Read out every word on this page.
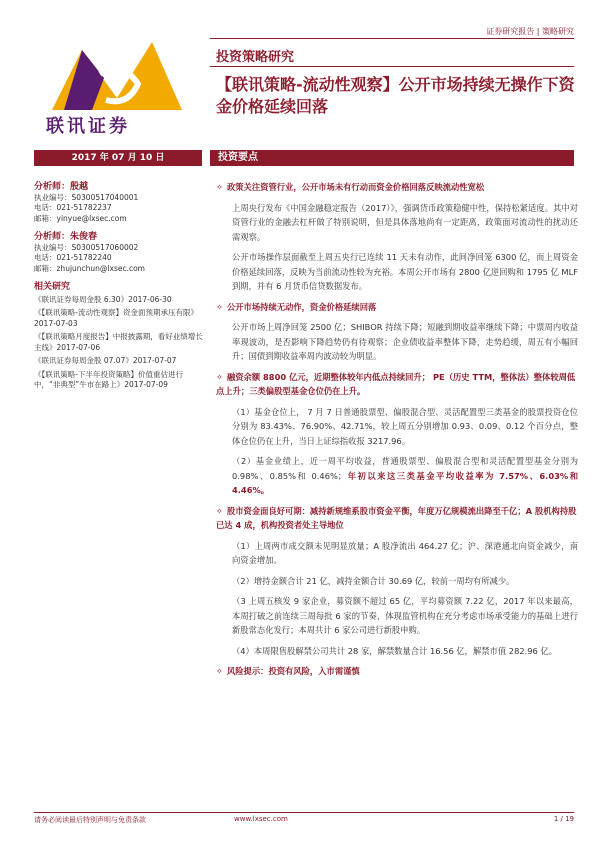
证券研究报告 | 策略研究
联讯证券
投资策略研究
【联讯策略-流动性观察】公开市场持续无操作下资金价格延续回落
2017 年 07 月 10 日	投资要点
分析师：殷越
执业编号：S0300517040001
电话：021-51782237
邮箱：yinyue@lxsec.com
分析师：朱俊春
执业编号：S0300517060002
电话：021-51782240
邮箱：zhujunchun@lxsec.com
相关研究
《联讯证券每周金股 6.30》2017-06-30
《【联讯策略-流动性观察】资金面预期承压有限》2017-07-03
《【联讯策略月度报告】中报披露期，看好业绩增长主线》2017-07-06
《联讯证券每周金股 07.07》2017-07-07
《【联讯策略-下半年投资策略】价值重估进行中，“非典型”牛市在路上》2017-07-09
✧ 政策关注资管行业，公开市场未有行动而资金价格回落反映流动性宽松

上周央行发布《中国金融稳定报告（2017）》，强调货币政策稳健中性，保持松紧适度。其中对资管行业的金融去杠杆做了特别说明，但是具体落地尚有一定距离，政策面对流动性的扰动还需观察。

公开市场操作层面截至上周五央行已连续 11 天未有动作，此间净回笼 6300 亿，而上周资金价格延续回落，反映为当前流动性较为充裕。本周公开市场有 2800 亿逆回购和 1795 亿 MLF 到期，并有 6 月货币信贷数据发布。

✧ 公开市场持续无动作，资金价格延续回落

公开市场上周净回笼 2500 亿；SHIBOR 持续下降；短融到期收益率继续下降；中票周内收益率现波动，是否影响下降趋势仍有待观察；企业债收益率整体下降，走势趋缓，周五有小幅回升；国债到期收益率周内波动较为明显。

✧ 融资余额 8800 亿元，近期整体较年内低点持续回升； PE（历史 TTM，整体法）整体较周低点上升；三类偏股型基金仓位仍在上升。

（1）基金仓位上， 7 月 7 日普通股票型、偏股混合型、灵活配置型三类基金的股票投资仓位分别为 83.43%、76.90%、42.71%，较上周五分别增加 0.93、0.09、0.12 个百分点，整体仓位仍在上升，当日上证综指收报 3217.96。

（2）基金业绩上，近一周平均收益，普通股票型、偏股混合型和灵活配置型基金分别为 0.98%、0.85%和 0.46%；年初以来这三类基金平均收益率为 7.57%、6.03%和 4.46%。

✧ 股市资金面良好可期：减持新规维系股市资金平衡，年度万亿规模流出降至千亿；A 股机构持股已达 4 成，机构投资者处主导地位

（1）上周两市成交额未见明显放量；A 股净流出 464.27 亿；沪、深港通北向资金减少，南向资金增加。

（2）增持金额合计 21 亿，减持金额合计 30.69 亿，较前一周均有所减少。

（3 上周五核发 9 家企业，募资额不超过 65 亿，平均募资额 7.22 亿，2017 年以来最高，本周打破之前连续三周每批 6 家的节奏，体现监管机构在充分考虑市场承受能力的基础上进行新股常态化发行；本周共计 6 家公司进行新股申购。

（4）本周限售股解禁公司共计 28 家，解禁数量合计 16.56 亿，解禁市值 282.96 亿。

✧ 风险提示：投资有风险，入市需谨慎
请务必阅读最后特别声明与免责条款	www.lxsec.com	1 / 19
